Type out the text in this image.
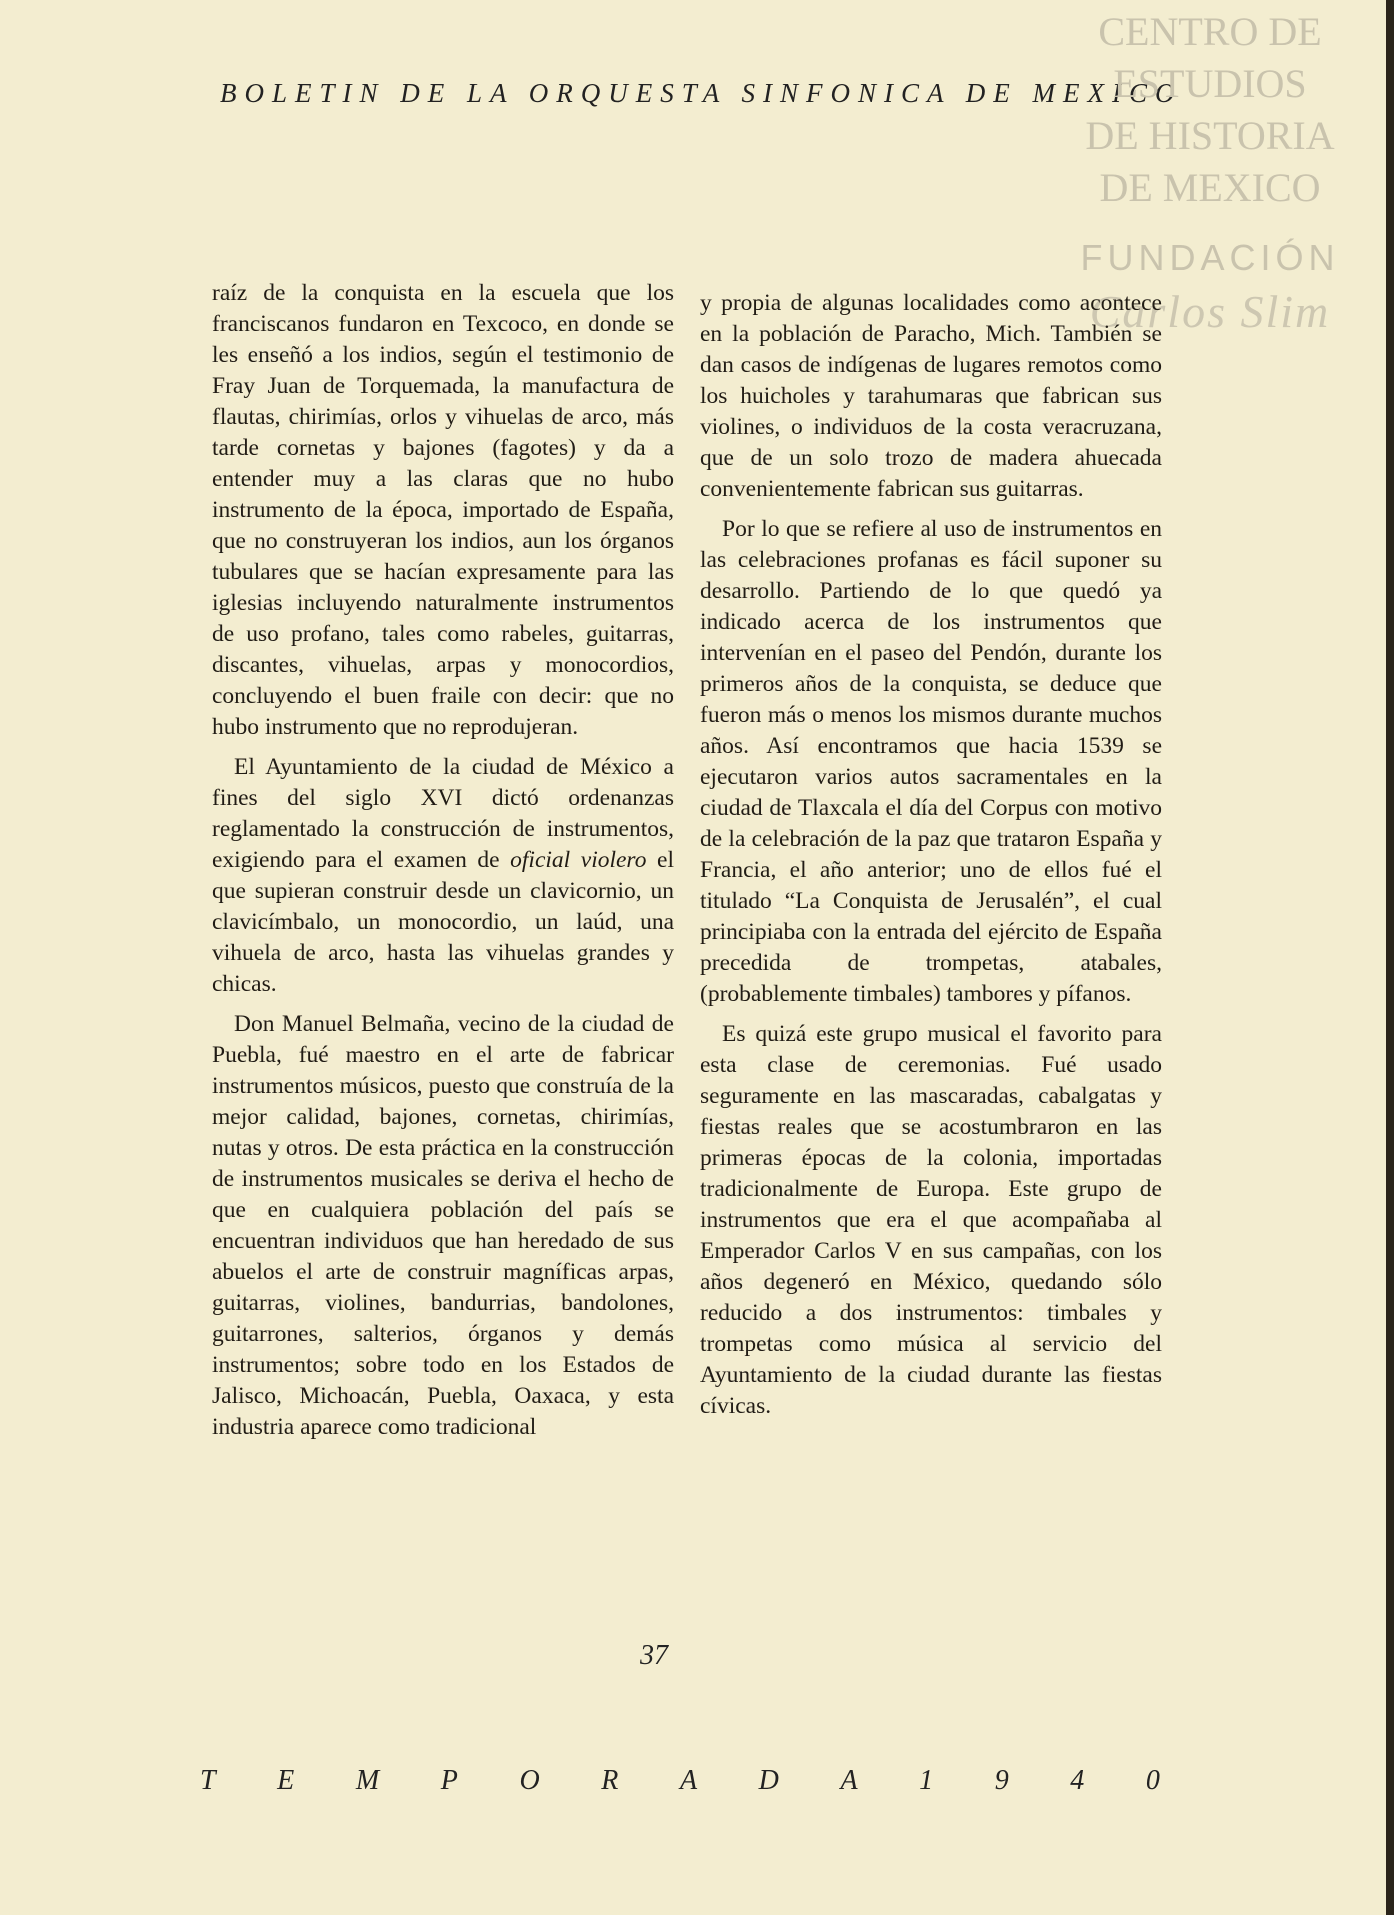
BOLETIN DE LA ORQUESTA SINFONICA DE MEXICO
CENTRO DE
ESTUDIOS
DE HISTORIA
DE MEXICO
FUNDACIÓN
Carlos Slim

raíz de la conquista en la escuela que los franciscanos fundaron en Texcoco, en donde se les enseñó a los indios, según el testimonio de Fray Juan de Torquemada, la manufactura de flautas, chirimías, orlos y vihuelas de arco, más tarde cornetas y bajones (fagotes) y da a entender muy a las claras que no hubo instrumento de la época, importado de España, que no construyeran los indios, aun los órganos tubulares que se hacían expresamente para las iglesias incluyendo naturalmente instrumentos de uso profano, tales como rabeles, guitarras, discantes, vihuelas, arpas y monocordios, concluyendo el buen fraile con decir: que no hubo instrumento que no reprodujeran.

El Ayuntamiento de la ciudad de México a fines del siglo XVI dictó ordenanzas reglamentado la construcción de instrumentos, exigiendo para el examen de oficial violero el que supieran construir desde un clavicornio, un clavicímbalo, un monocordio, un laúd, una vihuela de arco, hasta las vihuelas grandes y chicas.

Don Manuel Belmaña, vecino de la ciudad de Puebla, fué maestro en el arte de fabricar instrumentos músicos, puesto que construía de la mejor calidad, bajones, cornetas, chirimías, nutas y otros. De esta práctica en la construcción de instrumentos musicales se deriva el hecho de que en cualquiera población del país se encuentran individuos que han heredado de sus abuelos el arte de construir magníficas arpas, guitarras, violines, bandurrias, bandolones, guitarrones, salterios, órganos y demás instrumentos; sobre todo en los Estados de Jalisco, Michoacán, Puebla, Oaxaca, y esta industria aparece como tradicional

y propia de algunas localidades como acontece en la población de Paracho, Mich. También se dan casos de indígenas de lugares remotos como los huicholes y tarahumaras que fabrican sus violines, o individuos de la costa veracruzana, que de un solo trozo de madera ahuecada convenientemente fabrican sus guitarras.

Por lo que se refiere al uso de instrumentos en las celebraciones profanas es fácil suponer su desarrollo. Partiendo de lo que quedó ya indicado acerca de los instrumentos que intervenían en el paseo del Pendón, durante los primeros años de la conquista, se deduce que fueron más o menos los mismos durante muchos años. Así encontramos que hacia 1539 se ejecutaron varios autos sacramentales en la ciudad de Tlaxcala el día del Corpus con motivo de la celebración de la paz que trataron España y Francia, el año anterior; uno de ellos fué el titulado “La Conquista de Jerusalén”, el cual principiaba con la entrada del ejército de España precedida de trompetas, atabales, (probablemente timbales) tambores y pífanos.

Es quizá este grupo musical el favorito para esta clase de ceremonias. Fué usado seguramente en las mascaradas, cabalgatas y fiestas reales que se acostumbraron en las primeras épocas de la colonia, importadas tradicionalmente de Europa. Este grupo de instrumentos que era el que acompañaba al Emperador Carlos V en sus campañas, con los años degeneró en México, quedando sólo reducido a dos instrumentos: timbales y trompetas como música al servicio del Ayuntamiento de la ciudad durante las fiestas cívicas.

37
T E M P O R A D A 1 9 4 0
